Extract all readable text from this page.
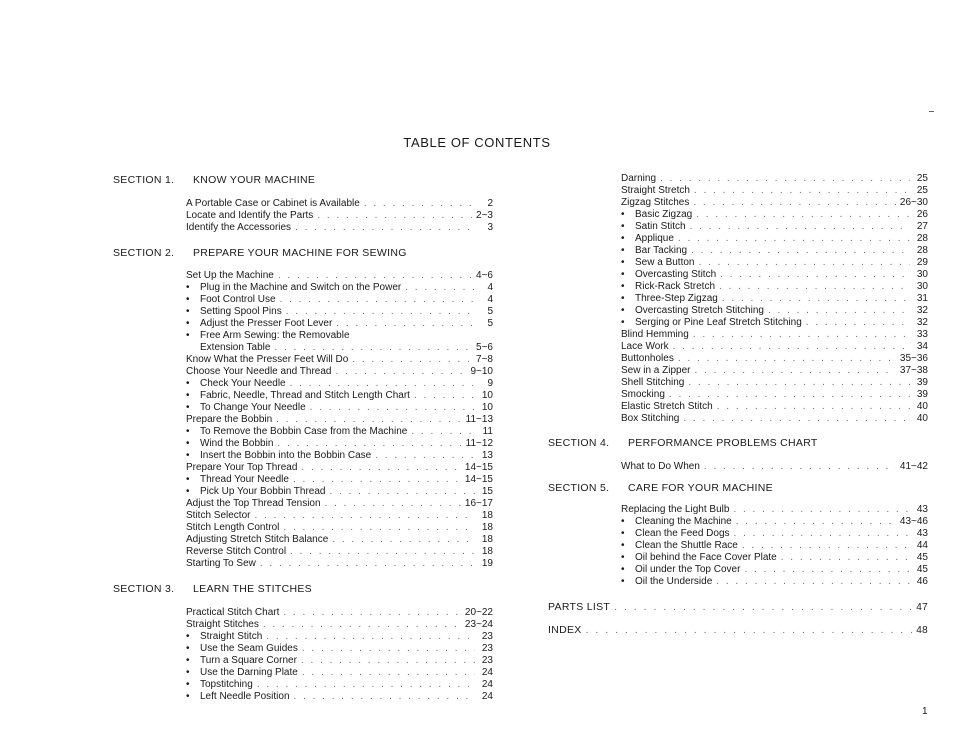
TABLE OF CONTENTS
SECTION 1. KNOW YOUR MACHINE
A Portable Case or Cabinet is Available . . .	2
Locate and Identify the Parts . . .	2~3
Identify the Accessories . . .	3
SECTION 2. PREPARE YOUR MACHINE FOR SEWING
Set Up the Machine . . .	4~6
• Plug in the Machine and Switch on the Power . . .	4
• Foot Control Use . . .	4
• Setting Spool Pins . . .	5
• Adjust the Presser Foot Lever . . .	5
• Free Arm Sewing: the Removable
Extension Table . . .	5~6
Know What the Presser Feet Will Do . . .	7~8
Choose Your Needle and Thread . . .	9~10
• Check Your Needle . . .	9
• Fabric, Needle, Thread and Stitch Length Chart . . .	10
• To Change Your Needle . . .	10
Prepare the Bobbin . . .	11~13
• To Remove the Bobbin Case from the Machine . . .	11
• Wind the Bobbin . . .	11~12
• Insert the Bobbin into the Bobbin Case . . .	13
Prepare Your Top Thread . . .	14~15
• Thread Your Needle . . .	14~15
• Pick Up Your Bobbin Thread . . .	15
Adjust the Top Thread Tension . . .	16~17
Stitch Selector . . .	18
Stitch Length Control . . .	18
Adjusting Stretch Stitch Balance . . .	18
Reverse Stitch Control . . .	18
Starting To Sew . . .	19
SECTION 3. LEARN THE STITCHES
Practical Stitch Chart . . .	20~22
Straight Stitches . . .	23~24
• Straight Stitch . . .	23
• Use the Seam Guides . . .	23
• Turn a Square Corner . . .	23
• Use the Darning Plate . . .	24
• Topstitching . . .	24
• Left Needle Position . . .	24
Darning . . .	25
Straight Stretch . . .	25
Zigzag Stitches . . .	26~30
• Basic Zigzag . . .	26
• Satin Stitch . . .	27
• Applique . . .	28
• Bar Tacking . . .	28
• Sew a Button . . .	29
• Overcasting Stitch . . .	30
• Rick-Rack Stretch . . .	30
• Three-Step Zigzag . . .	31
• Overcasting Stretch Stitching . . .	32
• Serging or Pine Leaf Stretch Stitching . . .	32
Blind Hemming . . .	33
Lace Work . . .	34
Buttonholes . . .	35~36
Sew in a Zipper . . .	37~38
Shell Stitching . . .	39
Smocking . . .	39
Elastic Stretch Stitch . . .	40
Box Stitching . . .	40
SECTION 4. PERFORMANCE PROBLEMS CHART
What to Do When . . .	41~42
SECTION 5. CARE FOR YOUR MACHINE
Replacing the Light Bulb . . .	43
• Cleaning the Machine . . .	43~46
• Clean the Feed Dogs . . .	43
• Clean the Shuttle Race . . .	44
• Oil behind the Face Cover Plate . . .	45
• Oil under the Top Cover . . .	45
• Oil the Underside . . .	46
PARTS LIST . . .	47
INDEX . . .	48
1
